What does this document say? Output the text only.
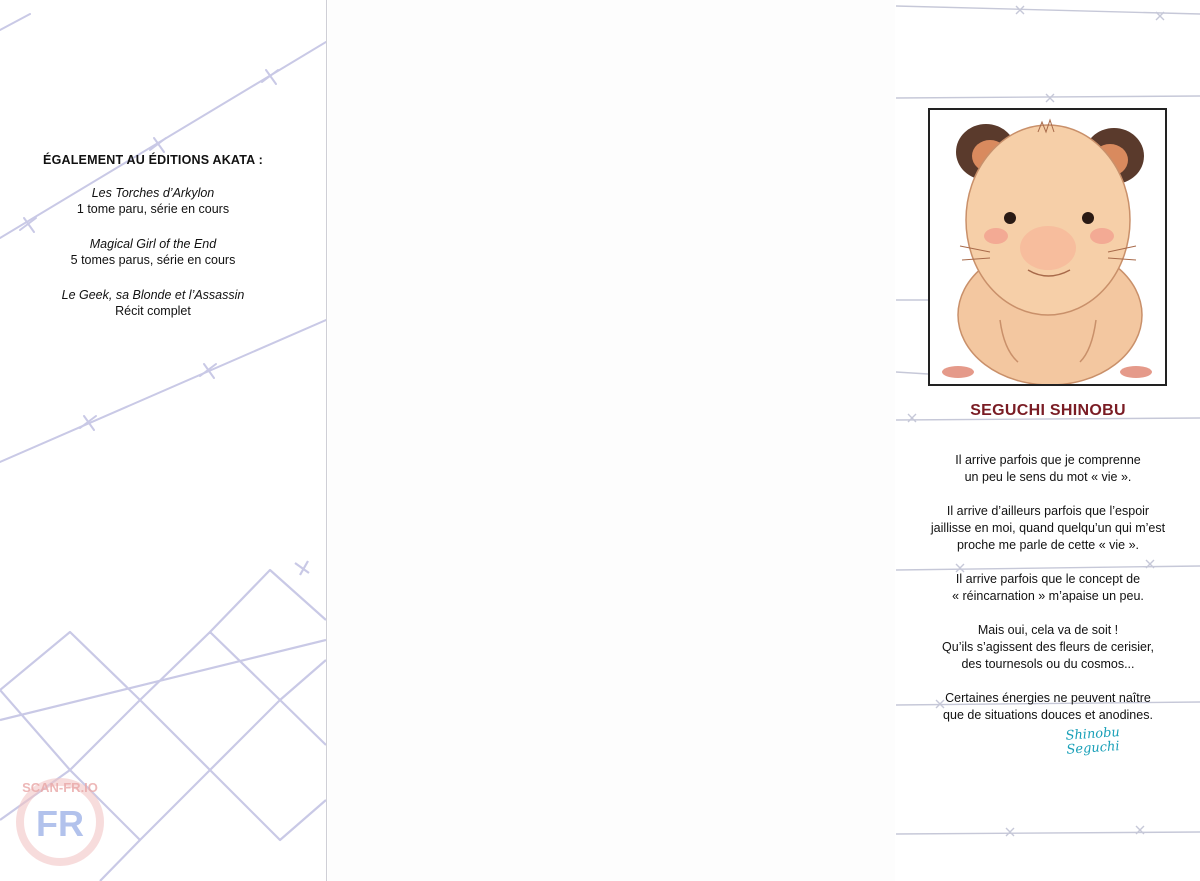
ÉGALEMENT AU ÉDITIONS AKATA :
Les Torches d’Arkylon
1 tome paru, série en cours
Magical Girl of the End
5 tomes parus, série en cours
Le Geek, sa Blonde et l’Assassin
Récit complet
FR
SCAN-FR.IO
SEGUCHI SHINOBU
Il arrive parfois que je comprenne
un peu le sens du mot « vie ».
Il arrive d’ailleurs parfois que l’espoir
jaillisse en moi, quand quelqu’un qui m’est
proche me parle de cette « vie ».
Il arrive parfois que le concept de
« réincarnation » m’apaise un peu.
Mais oui, cela va de soit !
Qu’ils s’agissent des fleurs de cerisier,
des tournesols ou du cosmos...
Certaines énergies ne peuvent naître
que de situations douces et anodines.
Shinobu
Seguchi
